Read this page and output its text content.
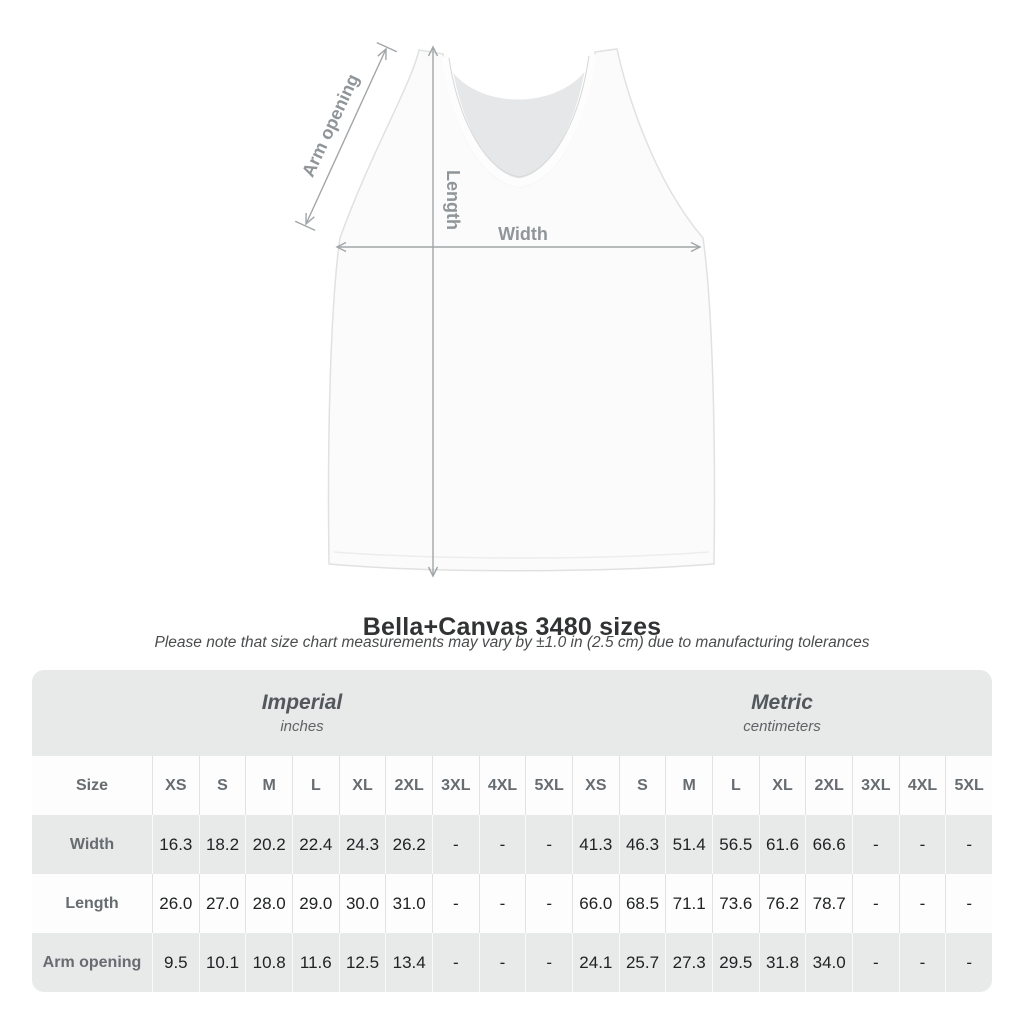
Width
Length
Arm opening
Bella+Canvas 3480 sizes
Please note that size chart measurements may vary by ±1.0 in (2.5 cm) due to manufacturing tolerances
Imperial
inches
Metric
centimeters
Size	XS	S	M	L	XL	2XL	3XL	4XL	5XL	XS	S	M	L	XL	2XL	3XL	4XL	5XL
Width	16.3 18.2 20.2 22.4 24.3 26.2	-	-	-	41.3 46.3 51.4 56.5 61.6 66.6	-	-	-
Length	26.0 27.0 28.0 29.0 30.0 31.0	-	-	-	66.0 68.5 71.1 73.6 76.2 78.7	-	-	-
Arm opening	9.5	10.1 10.8 11.6 12.5 13.4	-	-	-	24.1 25.7 27.3 29.5 31.8 34.0	-	-	-
